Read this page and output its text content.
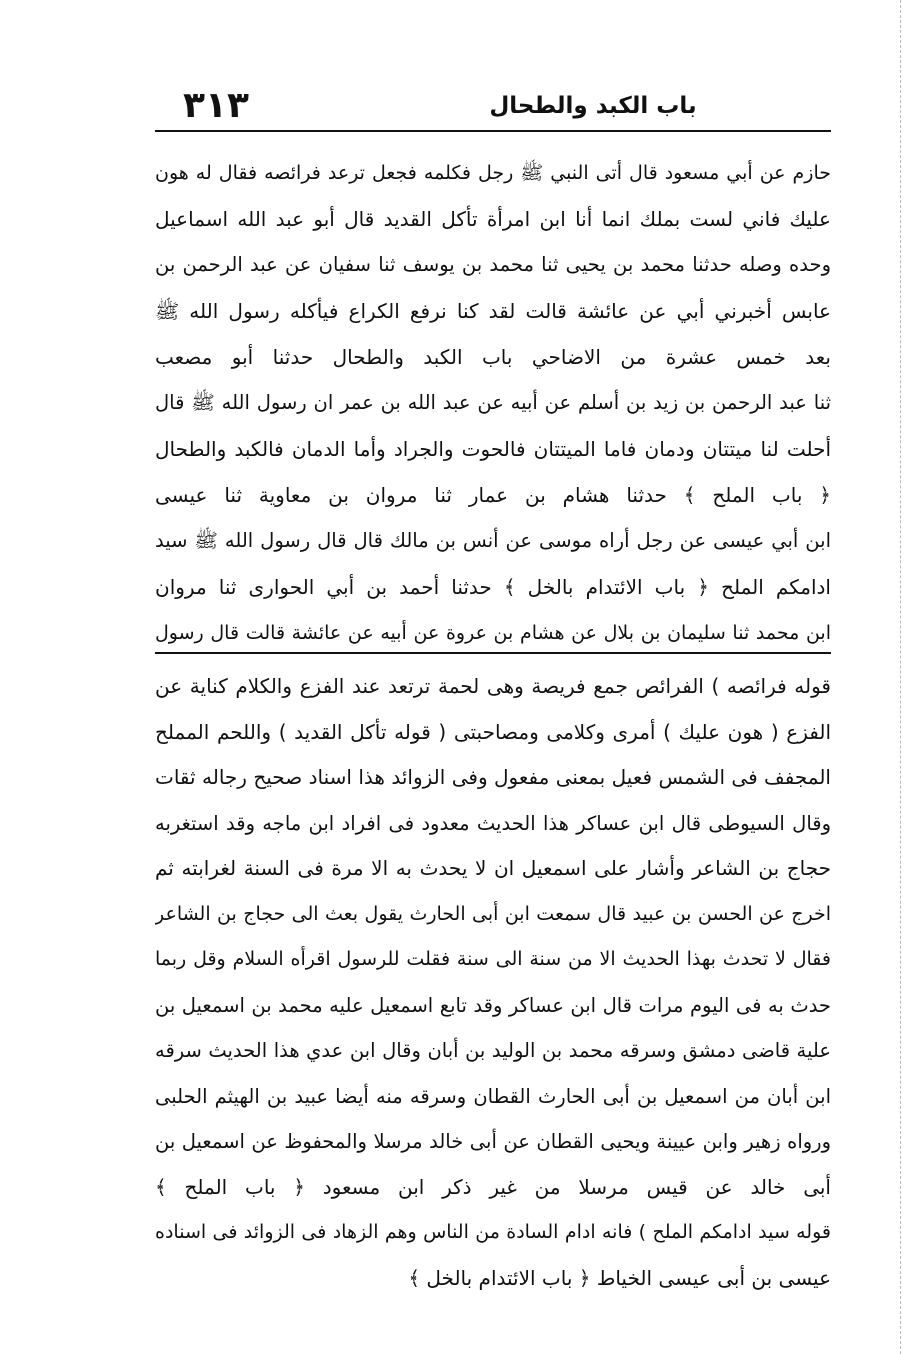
٣١٣	باب الكبد والطحال
حازم عن أبي مسعود قال أتى النبي ﷺ رجل فكلمه فجعل ترعد فرائصه فقال له هون
عليك فاني لست بملك انما أنا ابن امرأة تأكل القديد قال أبو عبد الله اسماعيل
وحده وصله حدثنا محمد بن يحيى ثنا محمد بن يوسف ثنا سفيان عن عبد الرحمن بن
عابس أخبرني أبي عن عائشة قالت لقد كنا نرفع الكراع فيأكله رسول الله ﷺ
بعد خمس عشرة من الاضاحي باب الكبد والطحال حدثنا أبو مصعب
ثنا عبد الرحمن بن زيد بن أسلم عن أبيه عن عبد الله بن عمر ان رسول الله ﷺ قال
أحلت لنا ميتتان ودمان فاما الميتتان فالحوت والجراد وأما الدمان فالكبد والطحال
﴿ باب الملح ﴾ حدثنا هشام بن عمار ثنا مروان بن معاوية ثنا عيسى
ابن أبي عيسى عن رجل أراه موسى عن أنس بن مالك قال قال رسول الله ﷺ سيد
ادامكم الملح ﴿ باب الائتدام بالخل ﴾ حدثنا أحمد بن أبي الحوارى ثنا مروان
ابن محمد ثنا سليمان بن بلال عن هشام بن عروة عن أبيه عن عائشة قالت قال رسول
قوله فرائصه ) الفرائص جمع فريصة وهى لحمة ترتعد عند الفزع والكلام كناية عن
الفزع ( هون عليك ) أمرى وكلامى ومصاحبتى ( قوله تأكل القديد ) واللحم المملح
المجفف فى الشمس فعيل بمعنى مفعول وفى الزوائد هذا اسناد صحيح رجاله ثقات
وقال السيوطى قال ابن عساكر هذا الحديث معدود فى افراد ابن ماجه وقد استغربه
حجاج بن الشاعر وأشار على اسمعيل ان لا يحدث به الا مرة فى السنة لغرابته ثم
اخرج عن الحسن بن عبيد قال سمعت ابن أبى الحارث يقول بعث الى حجاج بن الشاعر
فقال لا تحدث بهذا الحديث الا من سنة الى سنة فقلت للرسول اقرأه السلام وقل ربما
حدث به فى اليوم مرات قال ابن عساكر وقد تابع اسمعيل عليه محمد بن اسمعيل بن
علية قاضى دمشق وسرقه محمد بن الوليد بن أبان وقال ابن عدي هذا الحديث سرقه
ابن أبان من اسمعيل بن أبى الحارث القطان وسرقه منه أيضا عبيد بن الهيثم الحلبى
ورواه زهير وابن عيينة ويحيى القطان عن أبى خالد مرسلا والمحفوظ عن اسمعيل بن
أبى خالد عن قيس مرسلا من غير ذكر ابن مسعود ﴿ باب الملح ﴾
قوله سيد ادامكم الملح ) فانه ادام السادة من الناس وهم الزهاد فى الزوائد فى اسناده
عيسى بن أبى عيسى الخياط ﴿ باب الائتدام بالخل ﴾
